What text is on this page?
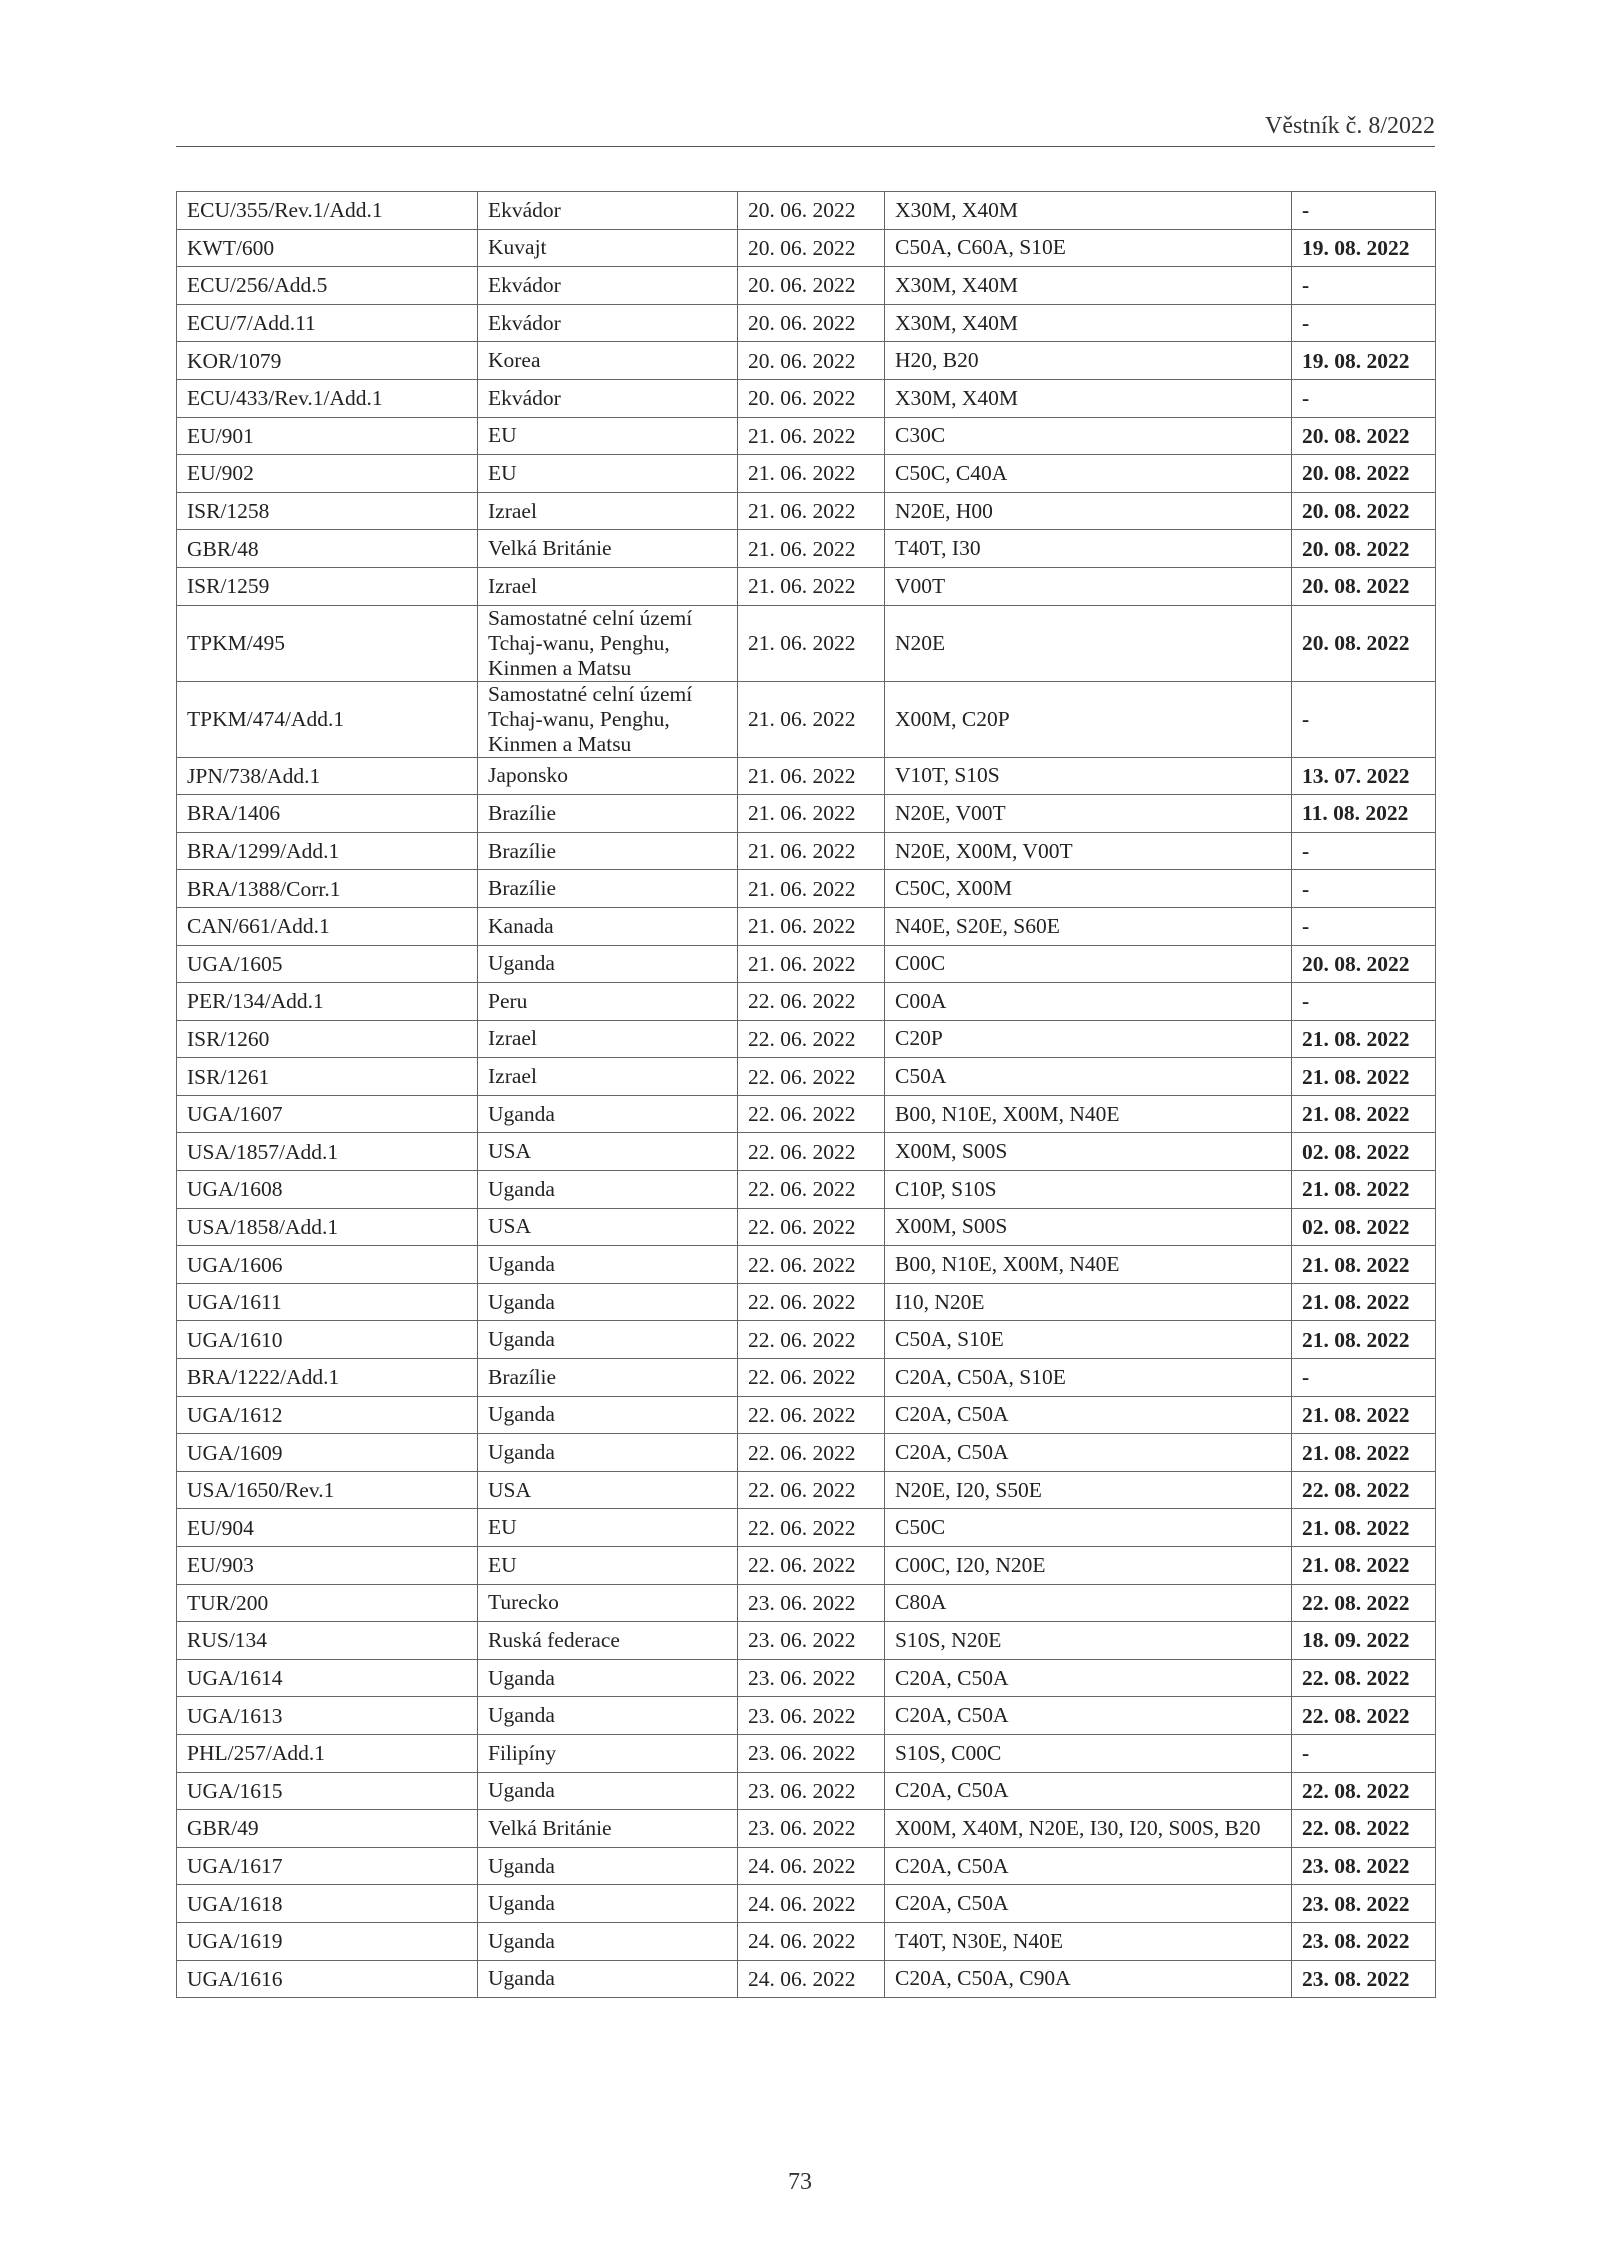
Věstník č. 8/2022
ECU/355/Rev.1/Add.1	Ekvádor	20. 06. 2022	X30M, X40M	-
KWT/600	Kuvajt	20. 06. 2022	C50A, C60A, S10E	19. 08. 2022
ECU/256/Add.5	Ekvádor	20. 06. 2022	X30M, X40M	-
ECU/7/Add.11	Ekvádor	20. 06. 2022	X30M, X40M	-
KOR/1079	Korea	20. 06. 2022	H20, B20	19. 08. 2022
ECU/433/Rev.1/Add.1	Ekvádor	20. 06. 2022	X30M, X40M	-
EU/901	EU	21. 06. 2022	C30C	20. 08. 2022
EU/902	EU	21. 06. 2022	C50C, C40A	20. 08. 2022
ISR/1258	Izrael	21. 06. 2022	N20E, H00	20. 08. 2022
GBR/48	Velká Británie	21. 06. 2022	T40T, I30	20. 08. 2022
ISR/1259	Izrael	21. 06. 2022	V00T	20. 08. 2022
TPKM/495	Samostatné celní území Tchaj-wanu, Penghu, Kinmen a Matsu	21. 06. 2022	N20E	20. 08. 2022
TPKM/474/Add.1	Samostatné celní území Tchaj-wanu, Penghu, Kinmen a Matsu	21. 06. 2022	X00M, C20P	-
JPN/738/Add.1	Japonsko	21. 06. 2022	V10T, S10S	13. 07. 2022
BRA/1406	Brazílie	21. 06. 2022	N20E, V00T	11. 08. 2022
BRA/1299/Add.1	Brazílie	21. 06. 2022	N20E, X00M, V00T	-
BRA/1388/Corr.1	Brazílie	21. 06. 2022	C50C, X00M	-
CAN/661/Add.1	Kanada	21. 06. 2022	N40E, S20E, S60E	-
UGA/1605	Uganda	21. 06. 2022	C00C	20. 08. 2022
PER/134/Add.1	Peru	22. 06. 2022	C00A	-
ISR/1260	Izrael	22. 06. 2022	C20P	21. 08. 2022
ISR/1261	Izrael	22. 06. 2022	C50A	21. 08. 2022
UGA/1607	Uganda	22. 06. 2022	B00, N10E, X00M, N40E	21. 08. 2022
USA/1857/Add.1	USA	22. 06. 2022	X00M, S00S	02. 08. 2022
UGA/1608	Uganda	22. 06. 2022	C10P, S10S	21. 08. 2022
USA/1858/Add.1	USA	22. 06. 2022	X00M, S00S	02. 08. 2022
UGA/1606	Uganda	22. 06. 2022	B00, N10E, X00M, N40E	21. 08. 2022
UGA/1611	Uganda	22. 06. 2022	I10, N20E	21. 08. 2022
UGA/1610	Uganda	22. 06. 2022	C50A, S10E	21. 08. 2022
BRA/1222/Add.1	Brazílie	22. 06. 2022	C20A, C50A, S10E	-
UGA/1612	Uganda	22. 06. 2022	C20A, C50A	21. 08. 2022
UGA/1609	Uganda	22. 06. 2022	C20A, C50A	21. 08. 2022
USA/1650/Rev.1	USA	22. 06. 2022	N20E, I20, S50E	22. 08. 2022
EU/904	EU	22. 06. 2022	C50C	21. 08. 2022
EU/903	EU	22. 06. 2022	C00C, I20, N20E	21. 08. 2022
TUR/200	Turecko	23. 06. 2022	C80A	22. 08. 2022
RUS/134	Ruská federace	23. 06. 2022	S10S, N20E	18. 09. 2022
UGA/1614	Uganda	23. 06. 2022	C20A, C50A	22. 08. 2022
UGA/1613	Uganda	23. 06. 2022	C20A, C50A	22. 08. 2022
PHL/257/Add.1	Filipíny	23. 06. 2022	S10S, C00C	-
UGA/1615	Uganda	23. 06. 2022	C20A, C50A	22. 08. 2022
GBR/49	Velká Británie	23. 06. 2022	X00M, X40M, N20E, I30, I20, S00S, B20	22. 08. 2022
UGA/1617	Uganda	24. 06. 2022	C20A, C50A	23. 08. 2022
UGA/1618	Uganda	24. 06. 2022	C20A, C50A	23. 08. 2022
UGA/1619	Uganda	24. 06. 2022	T40T, N30E, N40E	23. 08. 2022
UGA/1616	Uganda	24. 06. 2022	C20A, C50A, C90A	23. 08. 2022
73
